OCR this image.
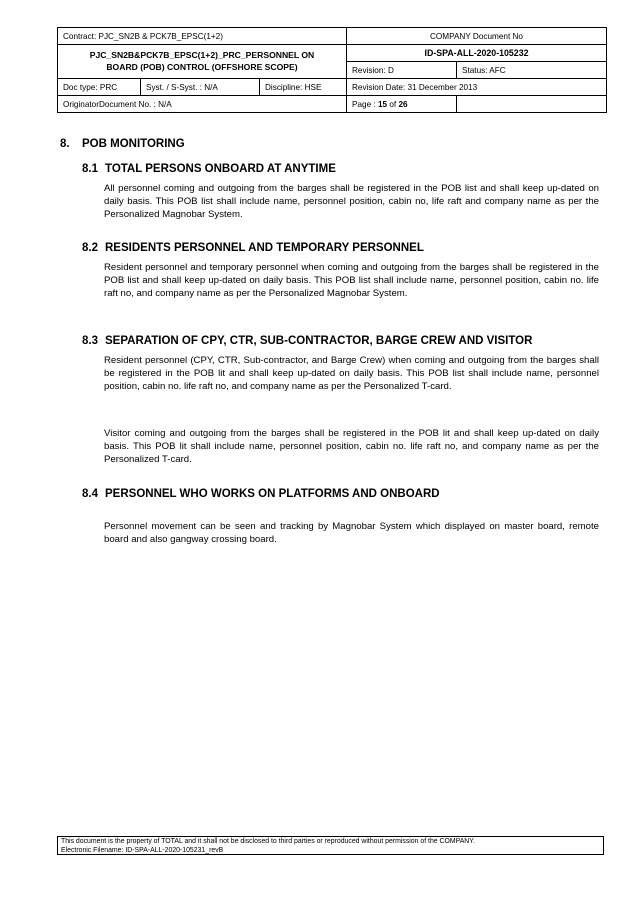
Contract: PJC_SN2B & PCK7B_EPSC(1+2)			COMPANY Document No	
PJC_SN2B&PCK7B_EPSC(1+2)_PRC_PERSONNEL ON BOARD (POB) CONTROL (OFFSHORE SCOPE)			ID-SPA-ALL-2020-105232	
			Revision: D	Status: AFC
Doc type: PRC	Syst. / S-Syst. : N/A	Discipline: HSE	Revision Date: 31 December 2013	
OriginatorDocument No. : N/A			Page : 15 of 26	
8. POB MONITORING
8.1 TOTAL PERSONS ONBOARD AT ANYTIME

All personnel coming and outgoing from the barges shall be registered in the POB list and shall keep up-dated on daily basis. This POB list shall include name, personnel position, cabin no, life raft and company name as per the Personalized Magnobar System.

8.2 RESIDENTS PERSONNEL AND TEMPORARY PERSONNEL

Resident personnel and temporary personnel when coming and outgoing from the barges shall be registered in the POB list and shall keep up-dated on daily basis. This POB list shall include name, personnel position, cabin no. life raft no, and company name as per the Personalized Magnobar System.

8.3 SEPARATION OF CPY, CTR, SUB-CONTRACTOR, BARGE CREW AND VISITOR

Resident personnel (CPY, CTR, Sub-contractor, and Barge Crew) when coming and outgoing from the barges shall be registered in the POB lit and shall keep up-dated on daily basis. This POB list shall include name, personnel position, cabin no. life raft no, and company name as per the Personalized T-card.

Visitor coming and outgoing from the barges shall be registered in the POB lit and shall keep up-dated on daily basis. This POB lit shall include name, personnel position, cabin no. life raft no, and company name as per the Personalized T-card.

8.4 PERSONNEL WHO WORKS ON PLATFORMS AND ONBOARD

Personnel movement can be seen and tracking by Magnobar System which displayed on master board, remote board and also gangway crossing board.

This document is the property of TOTAL and it shall not be disclosed to third parties or reproduced without permission of the COMPANY.
Electronic Filename: ID-SPA-ALL-2020-105231_revB
